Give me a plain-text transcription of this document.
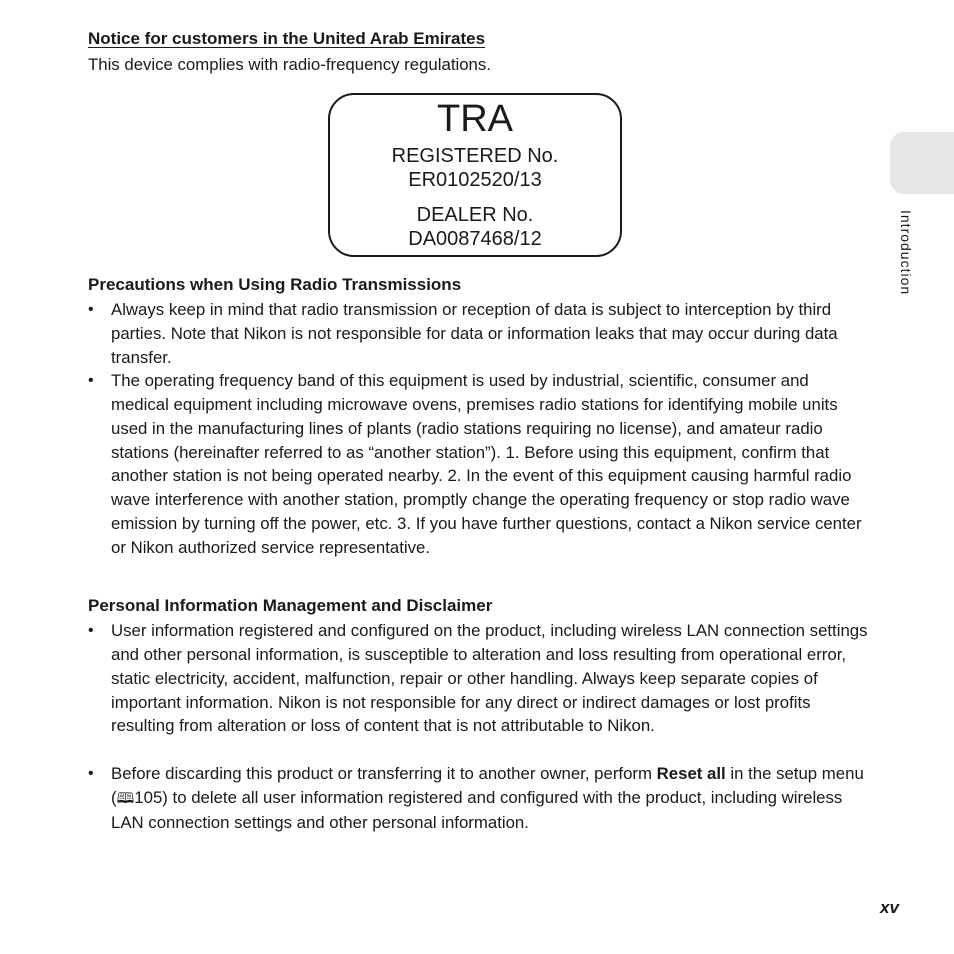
Notice for customers in the United Arab Emirates
This device complies with radio-frequency regulations.
TRA
REGISTERED No.
ER0102520/13
DEALER No.
DA0087468/12
Precautions when Using Radio Transmissions
• Always keep in mind that radio transmission or reception of data is subject to interception by third parties. Note that Nikon is not responsible for data or information leaks that may occur during data transfer.
• The operating frequency band of this equipment is used by industrial, scientific, consumer and medical equipment including microwave ovens, premises radio stations for identifying mobile units used in the manufacturing lines of plants (radio stations requiring no license), and amateur radio stations (hereinafter referred to as “another station”). 1. Before using this equipment, confirm that another station is not being operated nearby. 2. In the event of this equipment causing harmful radio wave interference with another station, promptly change the operating frequency or stop radio wave emission by turning off the power, etc. 3. If you have further questions, contact a Nikon service center or Nikon authorized service representative.
Personal Information Management and Disclaimer
• User information registered and configured on the product, including wireless LAN connection settings and other personal information, is susceptible to alteration and loss resulting from operational error, static electricity, accident, malfunction, repair or other handling. Always keep separate copies of important information. Nikon is not responsible for any direct or indirect damages or lost profits resulting from alteration or loss of content that is not attributable to Nikon.
• Before discarding this product or transferring it to another owner, perform Reset all in the setup menu (🕮105) to delete all user information registered and configured with the product, including wireless LAN connection settings and other personal information.
Introduction
xv
